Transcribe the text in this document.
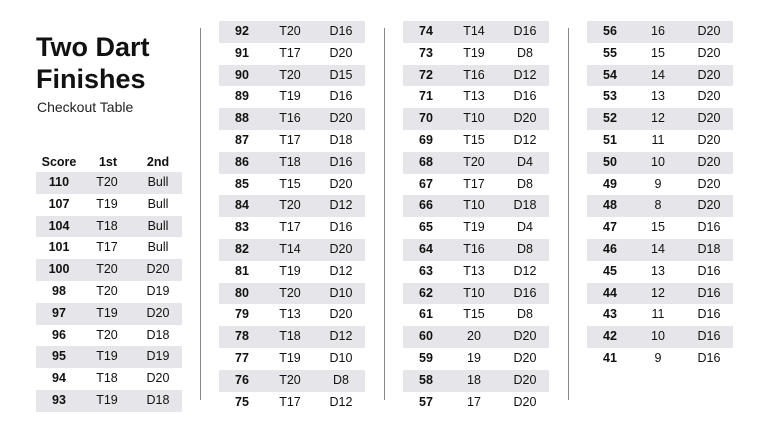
Two Dart Finishes
Checkout Table
Score	1st	2nd
110	T20	Bull
107	T19	Bull
104	T18	Bull
101	T17	Bull
100	T20	D20
98	T20	D19
97	T19	D20
96	T20	D18
95	T19	D19
94	T18	D20
93	T19	D18
92	T20	D16
91	T17	D20
90	T20	D15
89	T19	D16
88	T16	D20
87	T17	D18
86	T18	D16
85	T15	D20
84	T20	D12
83	T17	D16
82	T14	D20
81	T19	D12
80	T20	D10
79	T13	D20
78	T18	D12
77	T19	D10
76	T20	D8
75	T17	D12
74	T14	D16
73	T19	D8
72	T16	D12
71	T13	D16
70	T10	D20
69	T15	D12
68	T20	D4
67	T17	D8
66	T10	D18
65	T19	D4
64	T16	D8
63	T13	D12
62	T10	D16
61	T15	D8
60	20	D20
59	19	D20
58	18	D20
57	17	D20
56	16	D20
55	15	D20
54	14	D20
53	13	D20
52	12	D20
51	11	D20
50	10	D20
49	9	D20
48	8	D20
47	15	D16
46	14	D18
45	13	D16
44	12	D16
43	11	D16
42	10	D16
41	9	D16
